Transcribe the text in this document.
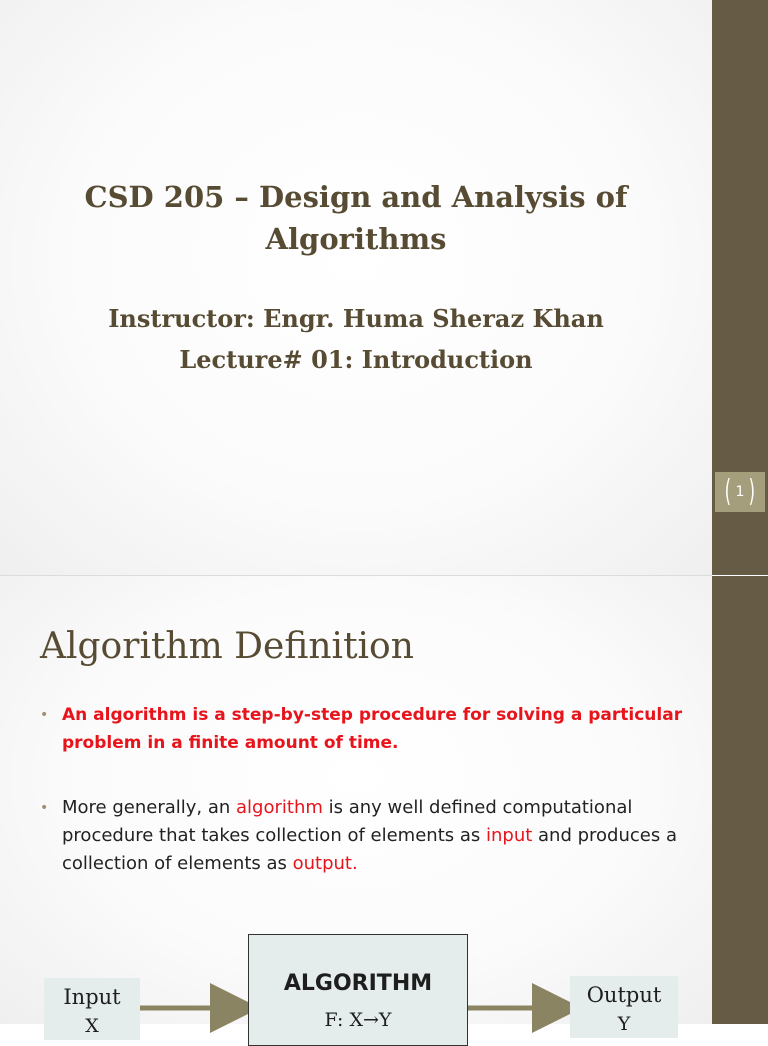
CSD 205 – Design and Analysis of
Algorithms
Instructor: Engr. Huma Sheraz Khan
Lecture# 01: Introduction
( 1 )
Algorithm Definition
• An algorithm is a step-by-step procedure for solving a particular problem in a finite amount of time.
• More generally, an algorithm is any well defined computational procedure that takes collection of elements as input and produces a collection of elements as output.
Input
X
ALGORITHM
F: X→Y
Output
Y
